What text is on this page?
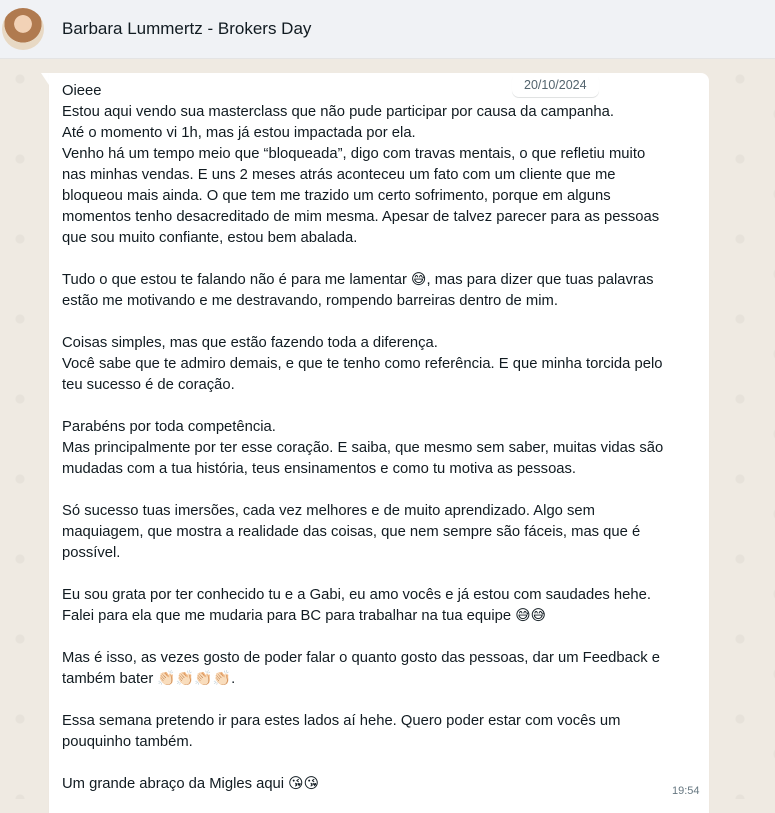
Barbara Lummertz - Brokers Day

Oieee

Estou aqui vendo sua masterclass que não pude participar por causa da campanha.

Até o momento vi 1h, mas já estou impactada por ela.

Venho há um tempo meio que “bloqueada”, digo com travas mentais, o que refletiu muito

nas minhas vendas. E uns 2 meses atrás aconteceu um fato com um cliente que me

bloqueou mais ainda. O que tem me trazido um certo sofrimento, porque em alguns

momentos tenho desacreditado de mim mesma. Apesar de talvez parecer para as pessoas

que sou muito confiante, estou bem abalada.

Tudo o que estou te falando não é para me lamentar 😅, mas para dizer que tuas palavras

estão me motivando e me destravando, rompendo barreiras dentro de mim.

Coisas simples, mas que estão fazendo toda a diferença.

Você sabe que te admiro demais, e que te tenho como referência. E que minha torcida pelo

teu sucesso é de coração.

Parabéns por toda competência.

Mas principalmente por ter esse coração. E saiba, que mesmo sem saber, muitas vidas são

mudadas com a tua história, teus ensinamentos e como tu motiva as pessoas.

Só sucesso tuas imersões, cada vez melhores e de muito aprendizado. Algo sem

maquiagem, que mostra a realidade das coisas, que nem sempre são fáceis, mas que é

possível.

Eu sou grata por ter conhecido tu e a Gabi, eu amo vocês e já estou com saudades hehe.

Falei para ela que me mudaria para BC para trabalhar na tua equipe 😅😅

Mas é isso, as vezes gosto de poder falar o quanto gosto das pessoas, dar um Feedback e

também bater 👏🏻👏🏻👏🏻👏🏻.

Essa semana pretendo ir para estes lados aí hehe. Quero poder estar com vocês um

pouquinho também.

Um grande abraço da Migles aqui 😘😘

20/10/2024
19:54
